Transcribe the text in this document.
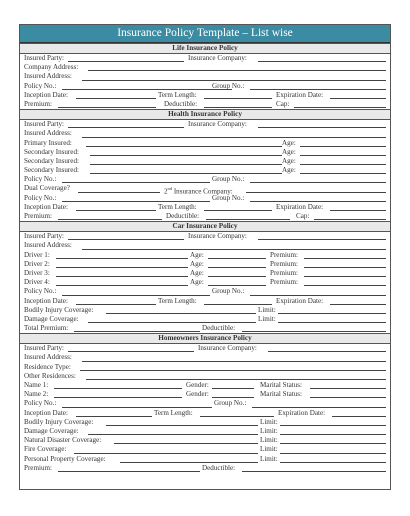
Insurance Policy Template – List wise
Life Insurance Policy
Insured Party:	Insurance Company:
Company Address:
Insured Address:
Policy No.:	Group No.:
Inception Date:	Term Length:	Expiration Date:
Premium:	Deductible:	Cap:
Health Insurance Policy
Insured Party:	Insurance Company:
Insured Address:
Primary Insured:	Age:
Secondary Insured:	Age:
Secondary Insured:	Age:
Secondary Insured:	Age:
Policy No.:	Group No.:
Dual Coverage?	2nd Insurance Company:
Policy No.:	Group No.:
Inception Date:	Term Length:	Expiration Date:
Premium:	Deductible:	Cap:
Car Insurance Policy
Insured Party:	Insurance Company:
Insured Address:
Driver 1:	Age:	Premium:
Driver 2:	Age:	Premium:
Driver 3:	Age:	Premium:
Driver 4:	Age:	Premium:
Policy No.:	Group No.:
Inception Date:	Term Length:	Expiration Date:
Bodily Injury Coverage:	Limit:
Damage Coverage:	Limit:
Total Premium:	Deductible:
Homeowners Insurance Policy
Insured Party:	Insurance Company:
Insured Address:
Residence Type:
Other Residences:
Name 1:	Gender:	Marital Status:
Name 2:	Gender:	Marital Status:
Policy No.:	Group No.:
Inception Date:	Term Length:	Expiration Date:
Bodily Injury Coverage:	Limit:
Damage Coverage:	Limit:
Natural Disaster Coverage:	Limit:
Fire Coverage:	Limit:
Personal Property Coverage:	Limit:
Premium:	Deductible:
